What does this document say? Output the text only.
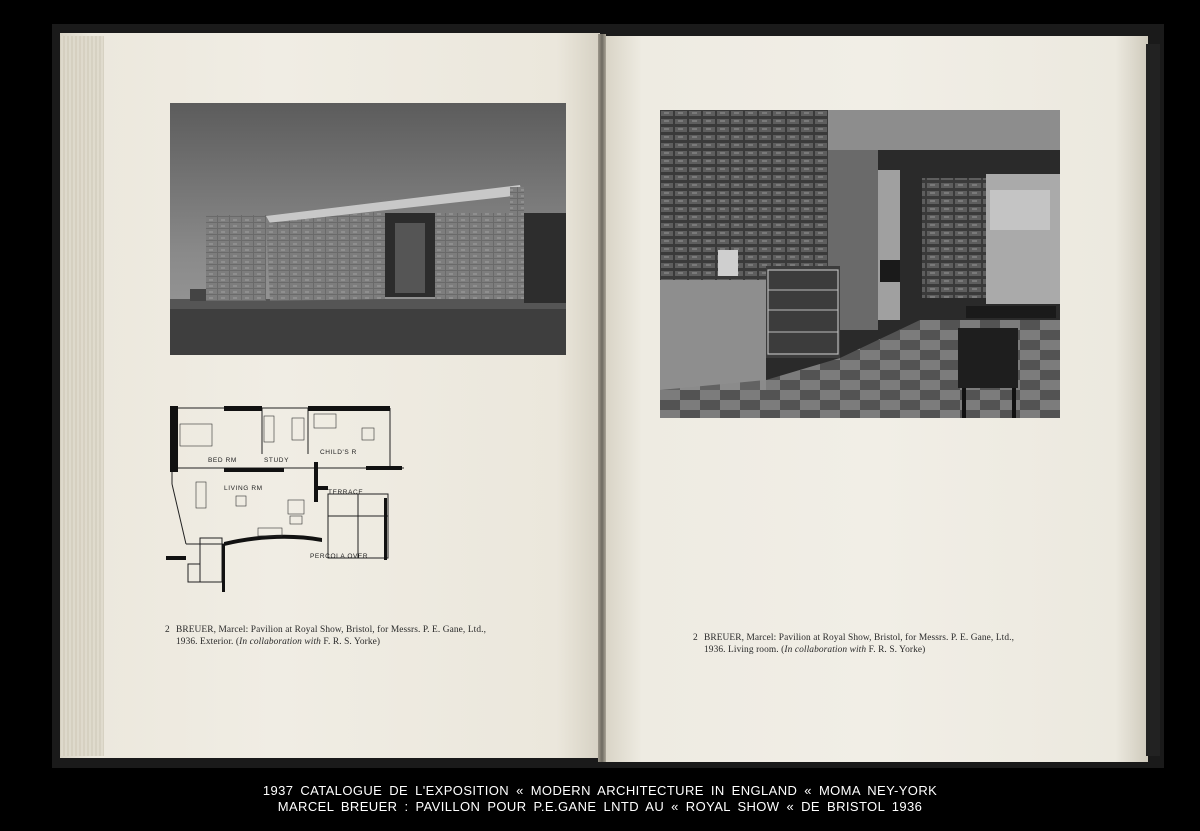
BED RM	STUDY
CHILD'S R
LIVING RM
TERRACE
PERCOLA OVER
2 BREUER, Marcel: Pavilion at Royal Show, Bristol, for Messrs. P. E. Gane, Ltd.,
1936. Exterior. (In collaboration with F. R. S. Yorke)	2 BREUER, Marcel: Pavilion at Royal Show, Bristol, for Messrs. P. E. Gane, Ltd.,
1936. Living room. (In collaboration with F. R. S. Yorke)
1937 CATALOGUE DE L'EXPOSITION « MODERN ARCHITECTURE IN ENGLAND « MOMA NEY-YORK
MARCEL BREUER : PAVILLON POUR P.E.GANE LNTD AU « ROYAL SHOW « DE BRISTOL 1936
